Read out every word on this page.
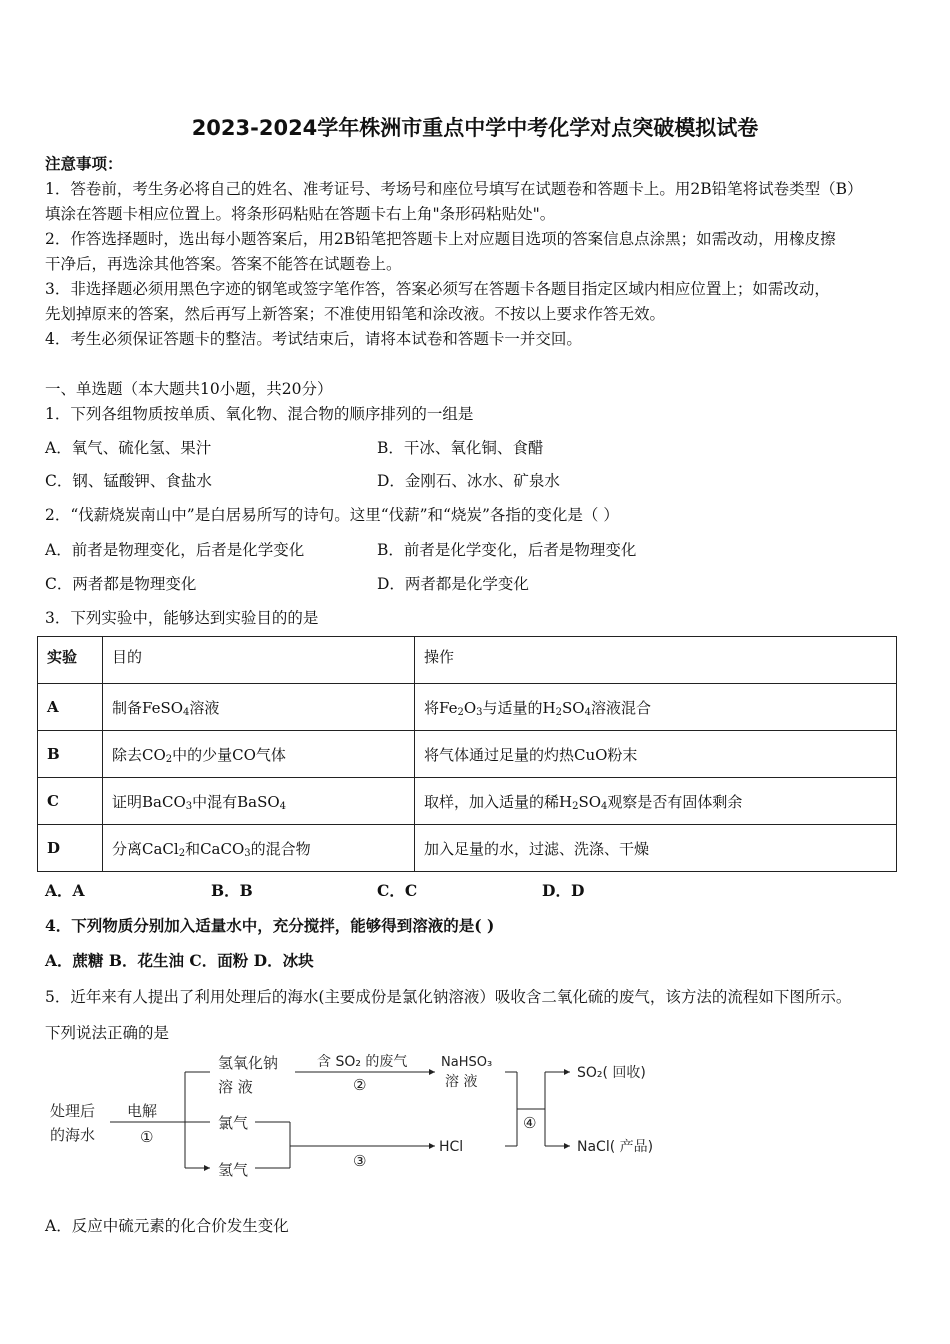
2023-2024学年株洲市重点中学中考化学对点突破模拟试卷
注意事项：
1．答卷前，考生务必将自己的姓名、准考证号、考场号和座位号填写在试题卷和答题卡上。用2B铅笔将试卷类型（B）
填涂在答题卡相应位置上。将条形码粘贴在答题卡右上角"条形码粘贴处"。
2．作答选择题时，选出每小题答案后，用2B铅笔把答题卡上对应题目选项的答案信息点涂黑；如需改动，用橡皮擦
干净后，再选涂其他答案。答案不能答在试题卷上。
3．非选择题必须用黑色字迹的钢笔或签字笔作答，答案必须写在答题卡各题目指定区域内相应位置上；如需改动，
先划掉原来的答案，然后再写上新答案；不准使用铅笔和涂改液。不按以上要求作答无效。
4．考生必须保证答题卡的整洁。考试结束后，请将本试卷和答题卡一并交回。
一、单选题（本大题共10小题，共20分）
1．下列各组物质按单质、氧化物、混合物的顺序排列的一组是
A．氧气、硫化氢、果汁	B．干冰、氧化铜、食醋
C．钢、锰酸钾、食盐水	D．金刚石、冰水、矿泉水
2．“伐薪烧炭南山中”是白居易所写的诗句。这里“伐薪”和“烧炭”各指的变化是（ ）
A．前者是物理变化，后者是化学变化	B．前者是化学变化，后者是物理变化
C．两者都是物理变化	D．两者都是化学变化
3．下列实验中，能够达到实验目的的是
实验	目的	操作
A	制备FeSO$_4$溶液	将$Fe_2O_3$与适量的$H_2SO_4$溶液混合
B	除去$CO_2$中的少量CO气体	将气体通过足量的灼热CuO粉末
C	证明BaCO$_3$中混有BaSO$_4$	取样，加入适量的稀$H_2SO_4$观察是否有固体剩余
D	分离CaCl$_2$和CaCO$_3$的混合物	加入足量的水，过滤、洗涤、干燥
A．A	B．B	C．C	D．D
4．下列物质分别加入适量水中，充分搅拌，能够得到溶液的是( )
A．蔗糖 B．花生油 C．面粉 D．冰块
5．近年来有人提出了利用处理后的海水(主要成份是氯化钠溶液）吸收含二氧化硫的废气，该方法的流程如下图所示。
下列说法正确的是
处理后
的海水
电解
①
氢氧化钠
溶 液
氯气
氢气
含 SO₂ 的废气
②
NaHSO₃
溶 液
③
HCl
④
SO₂( 回收)
NaCl( 产品)
A．反应中硫元素的化合价发生变化
